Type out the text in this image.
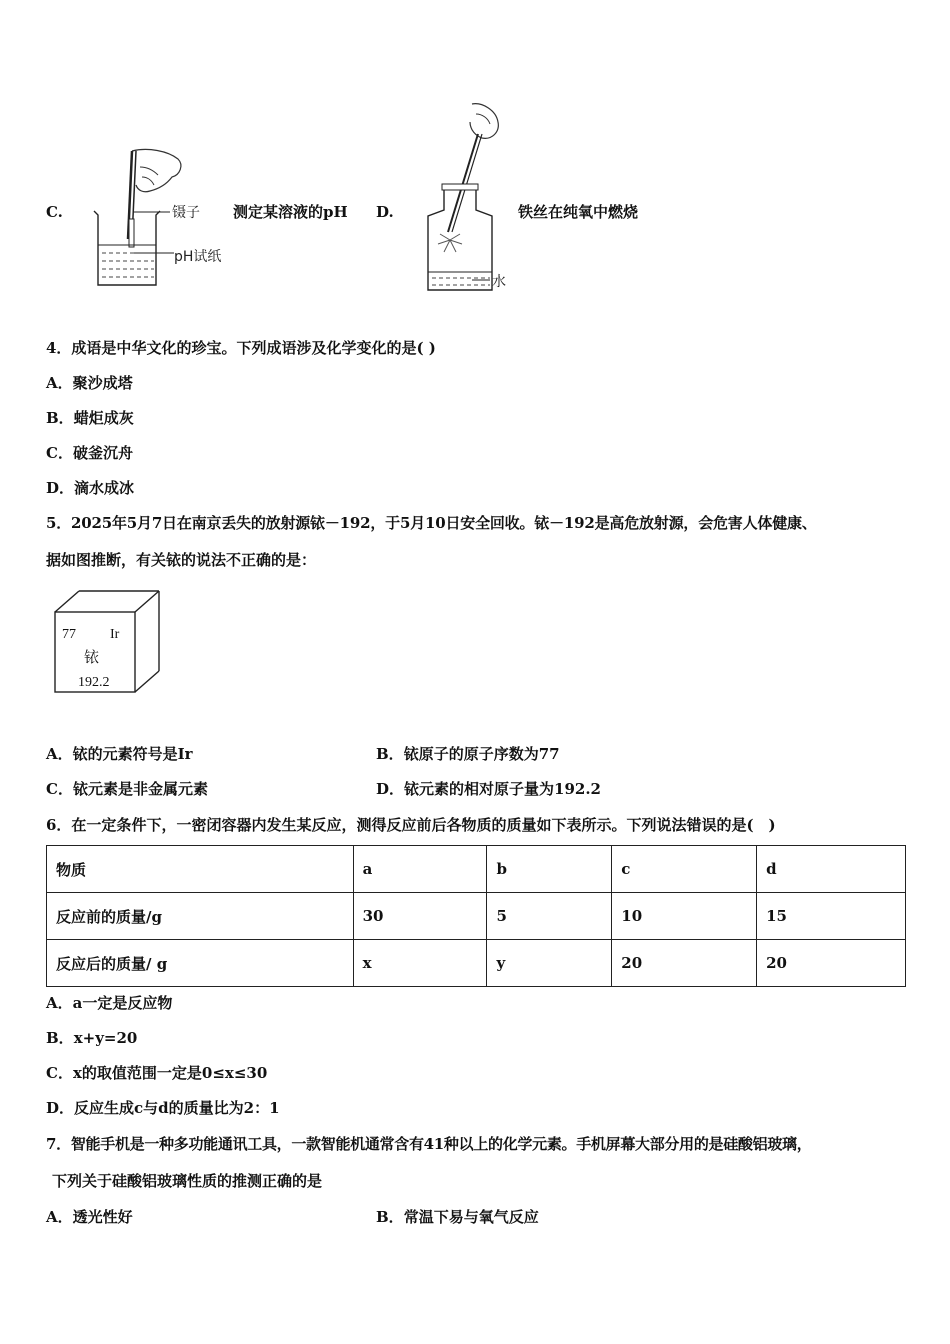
C.	镊子
pH试纸
测定某溶液的pH D.
水
铁丝在纯氧中燃烧
4．成语是中华文化的珍宝。下列成语涉及化学变化的是( )
A．聚沙成塔
B．蜡炬成灰
C．破釜沉舟
D．滴水成冰
5．2025年5月7日在南京丢失的放射源铱－192，于5月10日安全回收。铱－192是高危放射源，会危害人体健康、
据如图推断，有关铱的说法不正确的是：
77 Ir
铱
192.2
A．铱的元素符号是Ir	B．铱原子的原子序数为77
C．铱元素是非金属元素	D．铱元素的相对原子量为192.2
6．在一定条件下，一密闭容器内发生某反应，测得反应前后各物质的质量如下表所示。下列说法错误的是(　)
物质	a	b	c	d
反应前的质量/g	30	5	10	15
反应后的质量/ g	x	y	20	20
A．a一定是反应物
B．x+y=20
C．x的取值范围一定是0≤x≤30
D．反应生成c与d的质量比为2：1
7．智能手机是一种多功能通讯工具，一款智能机通常含有41种以上的化学元素。手机屏幕大部分用的是硅酸铝玻璃，
下列关于硅酸铝玻璃性质的推测正确的是
A．透光性好	B．常温下易与氧气反应
